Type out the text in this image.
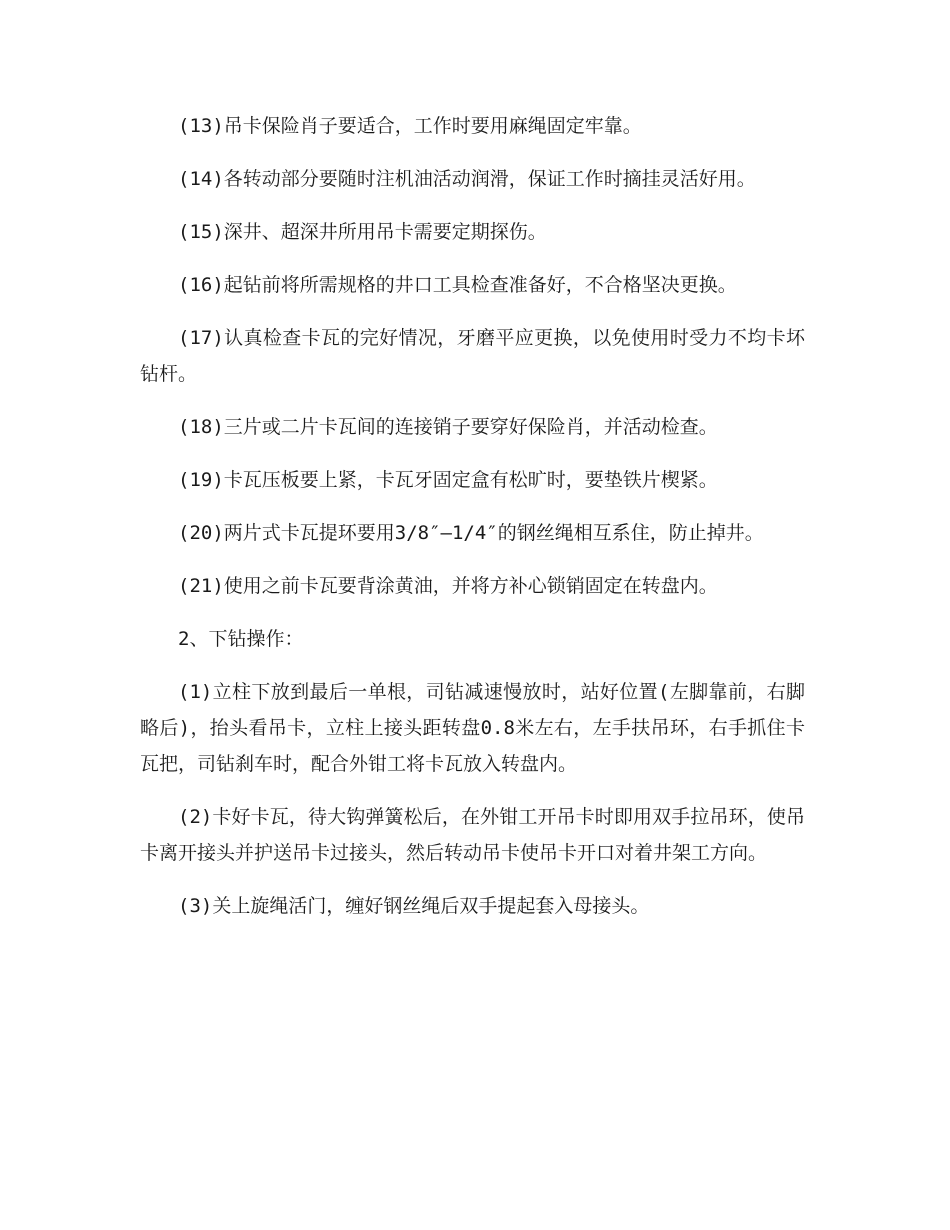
(13)吊卡保险肖子要适合，工作时要用麻绳固定牢靠。

(14)各转动部分要随时注机油活动润滑，保证工作时摘挂灵活好用。

(15)深井、超深井所用吊卡需要定期探伤。

(16)起钻前将所需规格的井口工具检查准备好，不合格坚决更换。

(17)认真检查卡瓦的完好情况，牙磨平应更换，以免使用时受力不均卡坏钻杆。

(18)三片或二片卡瓦间的连接销子要穿好保险肖，并活动检查。

(19)卡瓦压板要上紧，卡瓦牙固定盒有松旷时，要垫铁片楔紧。

(20)两片式卡瓦提环要用3/8″—1/4″的钢丝绳相互系住，防止掉井。

(21)使用之前卡瓦要背涂黄油，并将方补心锁销固定在转盘内。

2、下钻操作：

(1)立柱下放到最后一单根，司钻减速慢放时，站好位置(左脚靠前，右脚略后)，抬头看吊卡，立柱上接头距转盘0.8米左右，左手扶吊环，右手抓住卡瓦把，司钻刹车时，配合外钳工将卡瓦放入转盘内。

(2)卡好卡瓦，待大钩弹簧松后，在外钳工开吊卡时即用双手拉吊环，使吊卡离开接头并护送吊卡过接头，然后转动吊卡使吊卡开口对着井架工方向。

(3)关上旋绳活门，缠好钢丝绳后双手提起套入母接头。
